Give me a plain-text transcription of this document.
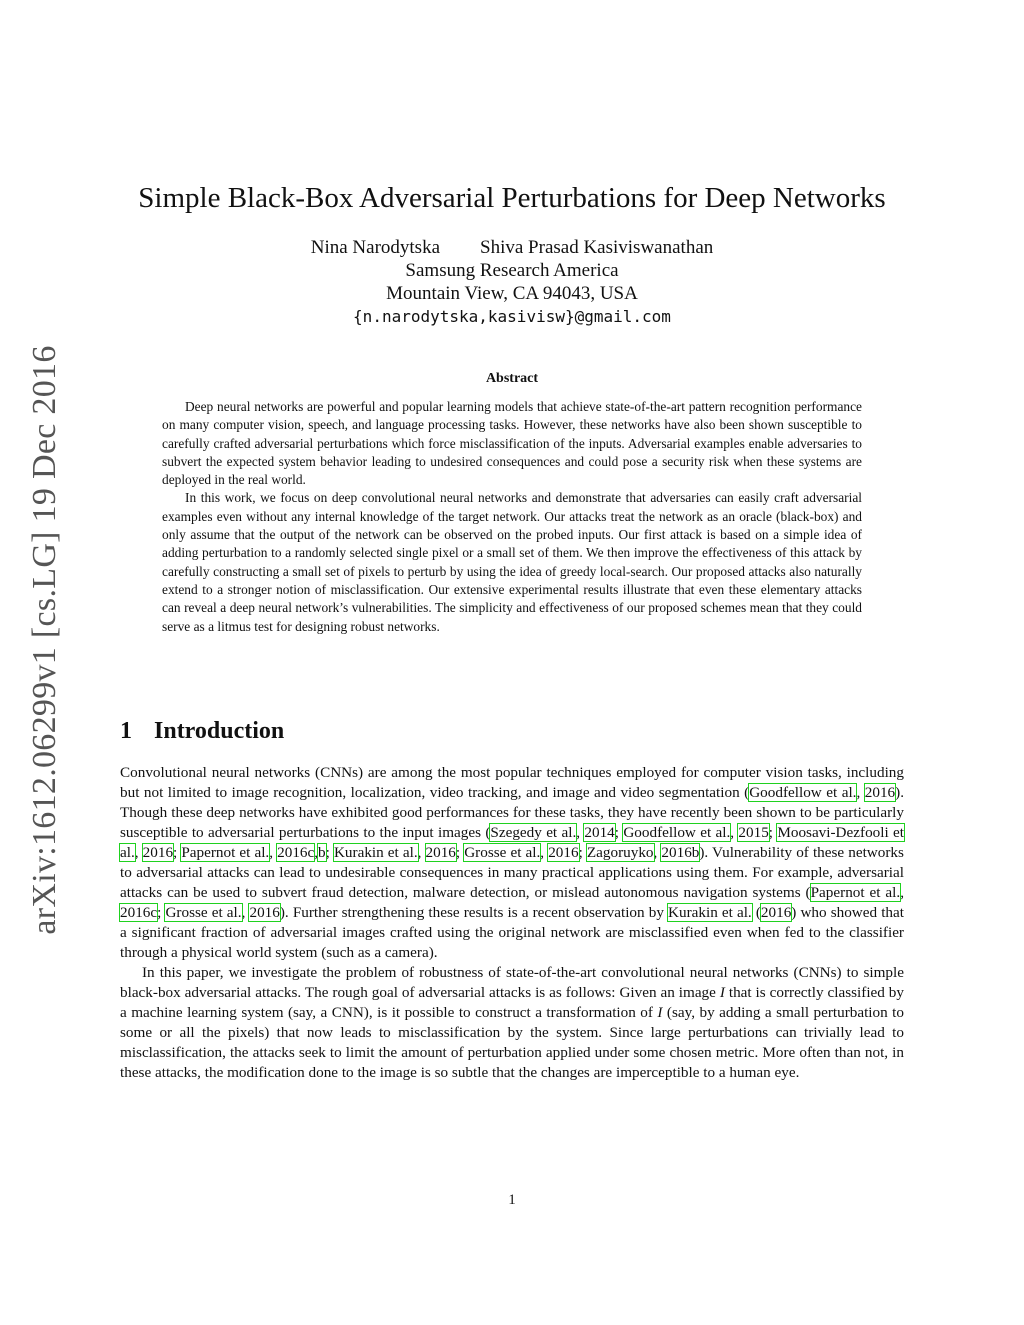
arXiv:1612.06299v1 [cs.LG] 19 Dec 2016
Simple Black-Box Adversarial Perturbations for Deep Networks
Nina Narodytska Shiva Prasad Kasiviswanathan
Samsung Research America
Mountain View, CA 94043, USA
{n.narodytska,kasivisw}@gmail.com
Abstract

Deep neural networks are powerful and popular learning models that achieve state-of-the-art pattern recognition performance on many computer vision, speech, and language processing tasks. However, these networks have also been shown susceptible to carefully crafted adversarial perturbations which force misclassification of the inputs. Adversarial examples enable adversaries to subvert the expected system behavior leading to undesired consequences and could pose a security risk when these systems are deployed in the real world.

In this work, we focus on deep convolutional neural networks and demonstrate that adversaries can easily craft adversarial examples even without any internal knowledge of the target network. Our attacks treat the network as an oracle (black-box) and only assume that the output of the network can be observed on the probed inputs. Our first attack is based on a simple idea of adding perturbation to a randomly selected single pixel or a small set of them. We then improve the effectiveness of this attack by carefully constructing a small set of pixels to perturb by using the idea of greedy local-search. Our proposed attacks also naturally extend to a stronger notion of misclassification. Our extensive experimental results illustrate that even these elementary attacks can reveal a deep neural network’s vulnerabilities. The simplicity and effectiveness of our proposed schemes mean that they could serve as a litmus test for designing robust networks.

1 Introduction

Convolutional neural networks (CNNs) are among the most popular techniques employed for computer vision tasks, including but not limited to image recognition, localization, video tracking, and image and video segmentation (Goodfellow et al., 2016). Though these deep networks have exhibited good performances for these tasks, they have recently been shown to be particularly susceptible to adversarial perturbations to the input images (Szegedy et al., 2014; Goodfellow et al., 2015; Moosavi-Dezfooli et al., 2016; Papernot et al., 2016c,b; Kurakin et al., 2016; Grosse et al., 2016; Zagoruyko, 2016b). Vulnerability of these networks to adversarial attacks can lead to undesirable consequences in many practical applications using them. For example, adversarial attacks can be used to subvert fraud detection, malware detection, or mislead autonomous navigation systems (Papernot et al., 2016c; Grosse et al., 2016). Further strengthening these results is a recent observation by Kurakin et al. (2016) who showed that a significant fraction of adversarial images crafted using the original network are misclassified even when fed to the classifier through a physical world system (such as a camera).

In this paper, we investigate the problem of robustness of state-of-the-art convolutional neural networks (CNNs) to simple black-box adversarial attacks. The rough goal of adversarial attacks is as follows: Given an image I that is correctly classified by a machine learning system (say, a CNN), is it possible to construct a transformation of I (say, by adding a small perturbation to some or all the pixels) that now leads to misclassification by the system. Since large perturbations can trivially lead to misclassification, the attacks seek to limit the amount of perturbation applied under some chosen metric. More often than not, in these attacks, the modification done to the image is so subtle that the changes are imperceptible to a human eye.

1
